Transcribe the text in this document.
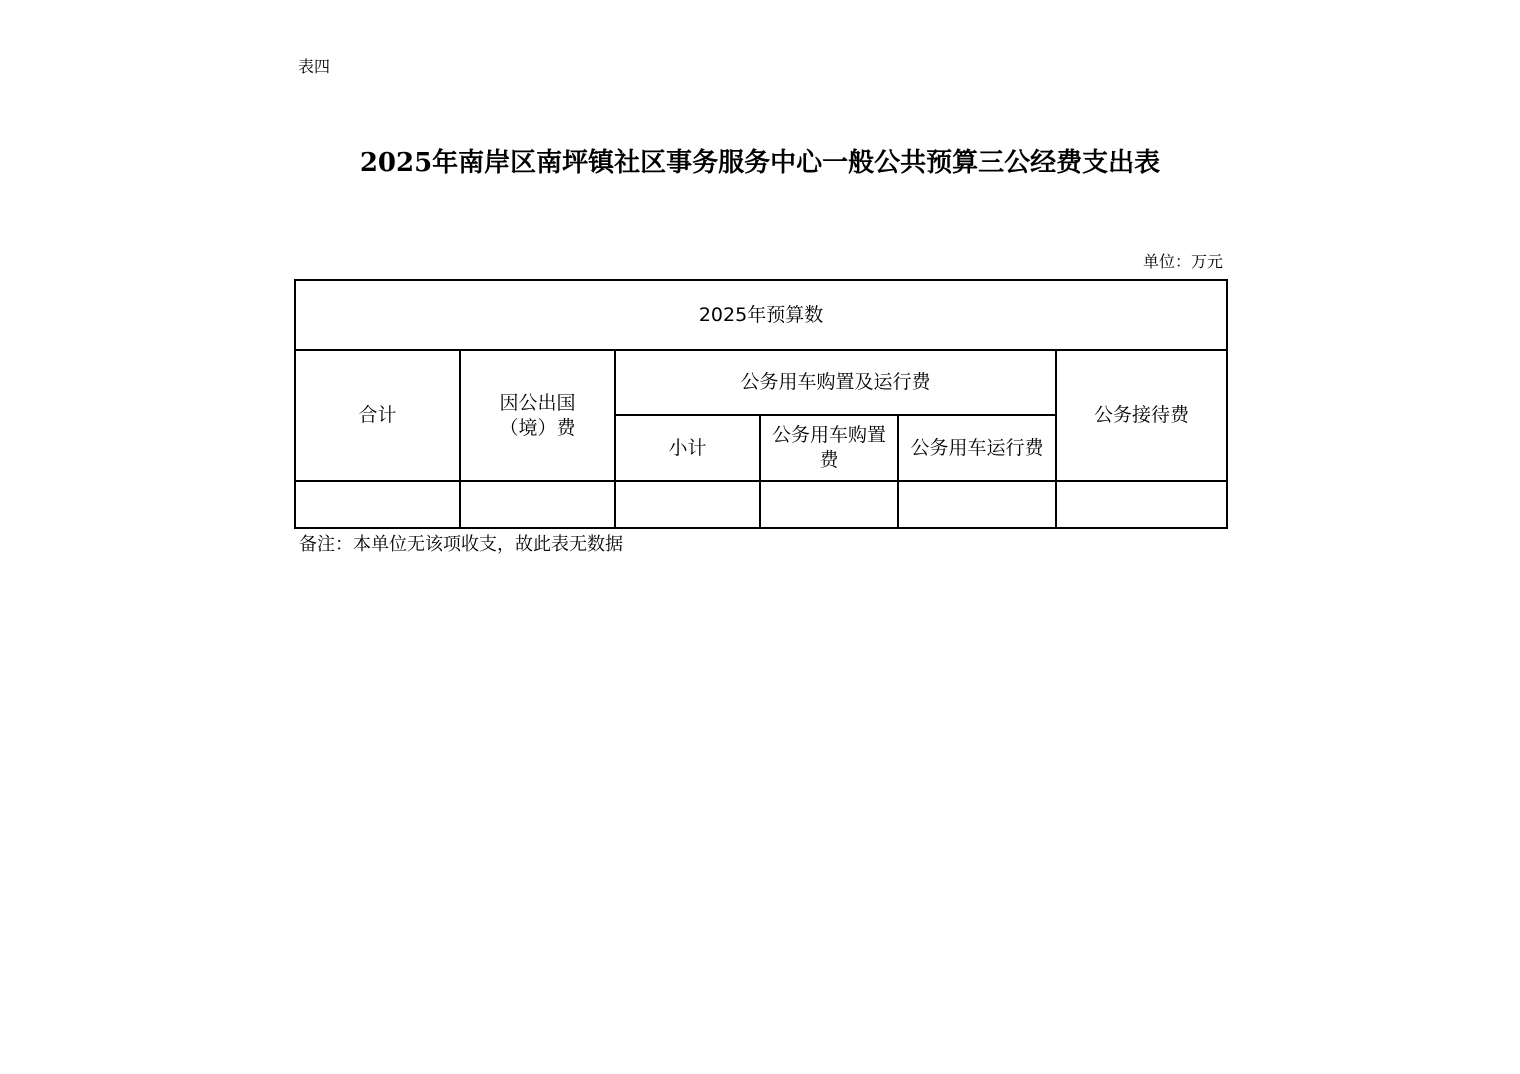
表四
2025年南岸区南坪镇社区事务服务中心一般公共预算三公经费支出表
单位：万元
2025年预算数					
合计	因公出国（境）费	公务用车购置及运行费			公务接待费
		小计	公务用车购置费	公务用车运行费	

备注：本单位无该项收支，故此表无数据
